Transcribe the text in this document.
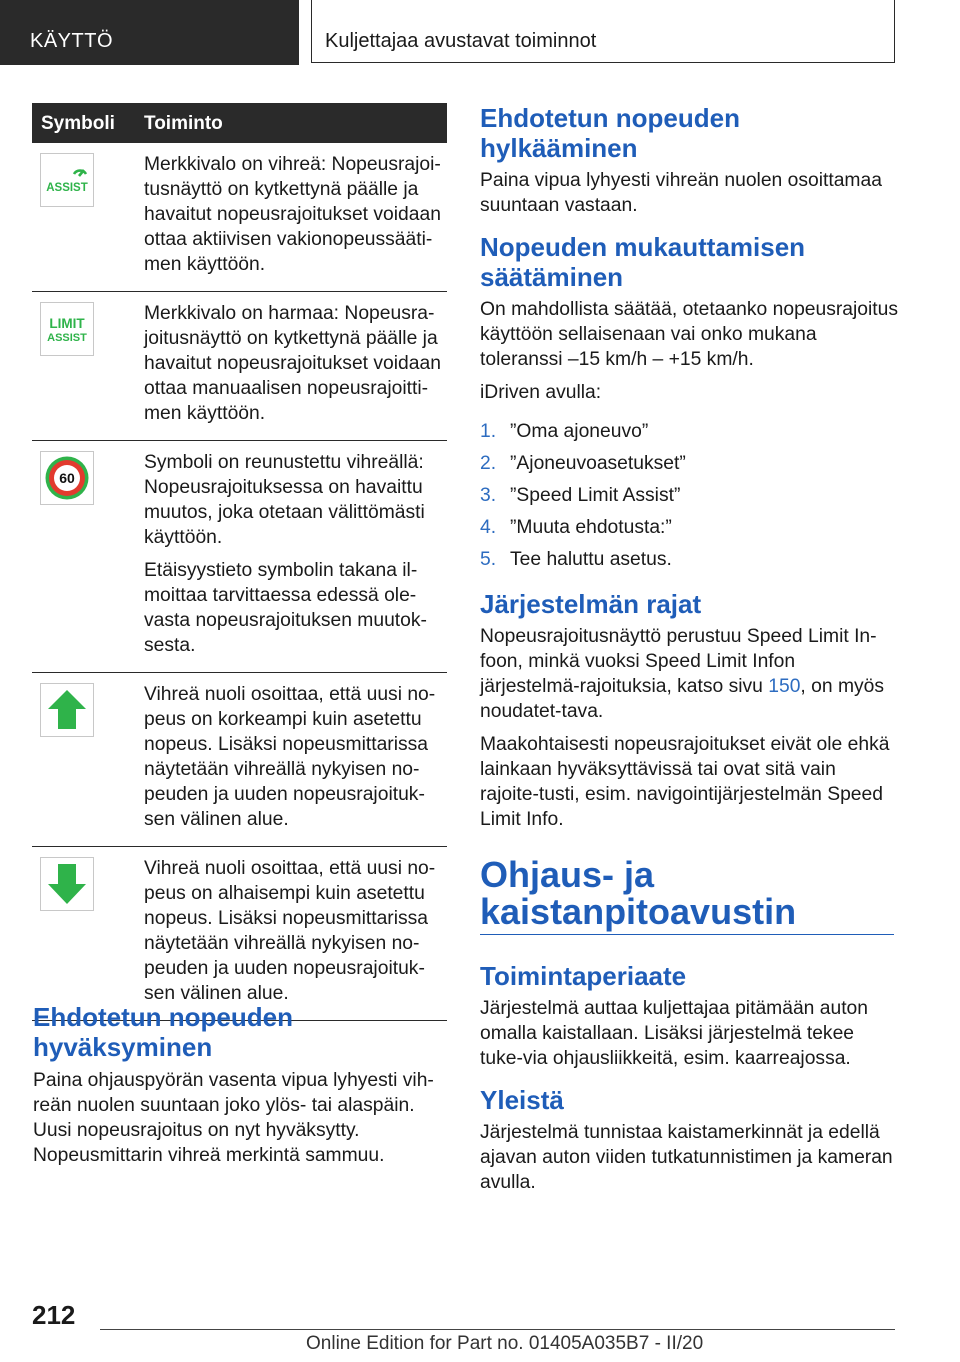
KÄYTTÖ	Kuljettajaa avustavat toiminnot
Symboli Toiminto
ASSIST

Merkkivalo on vihreä: Nopeusrajoi-tusnäyttö on kytkettynä päälle ja havaitut nopeusrajoitukset voidaan ottaa aktiivisen vakionopeussääti-men käyttöön.

LIMIT
ASSIST

Merkkivalo on harmaa: Nopeusra-joitusnäyttö on kytkettynä päälle ja havaitut nopeusrajoitukset voidaan ottaa manuaalisen nopeusrajoitti-men käyttöön.

60

Symboli on reunustettu vihreällä: Nopeusrajoituksessa on havaittu muutos, joka otetaan välittömästi käyttöön.

Etäisyystieto symbolin takana il-moittaa tarvittaessa edessä ole-vasta nopeusrajoituksen muutok-sesta.

Vihreä nuoli osoittaa, että uusi no-peus on korkeampi kuin asetettu nopeus. Lisäksi nopeusmittarissa näytetään vihreällä nykyisen no-peuden ja uuden nopeusrajoituk-sen välinen alue.

Vihreä nuoli osoittaa, että uusi no-peus on alhaisempi kuin asetettu nopeus. Lisäksi nopeusmittarissa näytetään vihreällä nykyisen no-peuden ja uuden nopeusrajoituk-sen välinen alue.

Ehdotetun nopeuden hyväksyminen

Paina ohjauspyörän vasenta vipua lyhyesti vih-reän nuolen suuntaan joko ylös- tai alaspäin. Uusi nopeusrajoitus on nyt hyväksytty. Nopeusmittarin vihreä merkintä sammuu.

Ehdotetun nopeuden hylkääminen

Paina vipua lyhyesti vihreän nuolen osoittamaa suuntaan vastaan.

Nopeuden mukauttamisen säätäminen

On mahdollista säätää, otetaanko nopeusrajoitus käyttöön sellaisenaan vai onko mukana toleranssi –15 km/h – +15 km/h.

iDriven avulla:

1. ”Oma ajoneuvo”
2. ”Ajoneuvoasetukset”
3. ”Speed Limit Assist”
4. ”Muuta ehdotusta:”
5. Tee haluttu asetus.
Järjestelmän rajat

Nopeusrajoitusnäyttö perustuu Speed Limit In-foon, minkä vuoksi Speed Limit Infon järjestelmä-rajoituksia, katso sivu 150, on myös noudatet-tava.

Maakohtaisesti nopeusrajoitukset eivät ole ehkä lainkaan hyväksyttävissä tai ovat sitä vain rajoite-tusti, esim. navigointijärjestelmän Speed Limit Info.

Ohjaus- ja kaistanpitoavustin
Toimintaperiaate

Järjestelmä auttaa kuljettajaa pitämään auton omalla kaistallaan. Lisäksi järjestelmä tekee tuke-via ohjausliikkeitä, esim. kaarreajossa.

Yleistä

Järjestelmä tunnistaa kaistamerkinnät ja edellä ajavan auton viiden tutkatunnistimen ja kameran avulla.

212
Online Edition for Part no. 01405A035B7 - II/20
